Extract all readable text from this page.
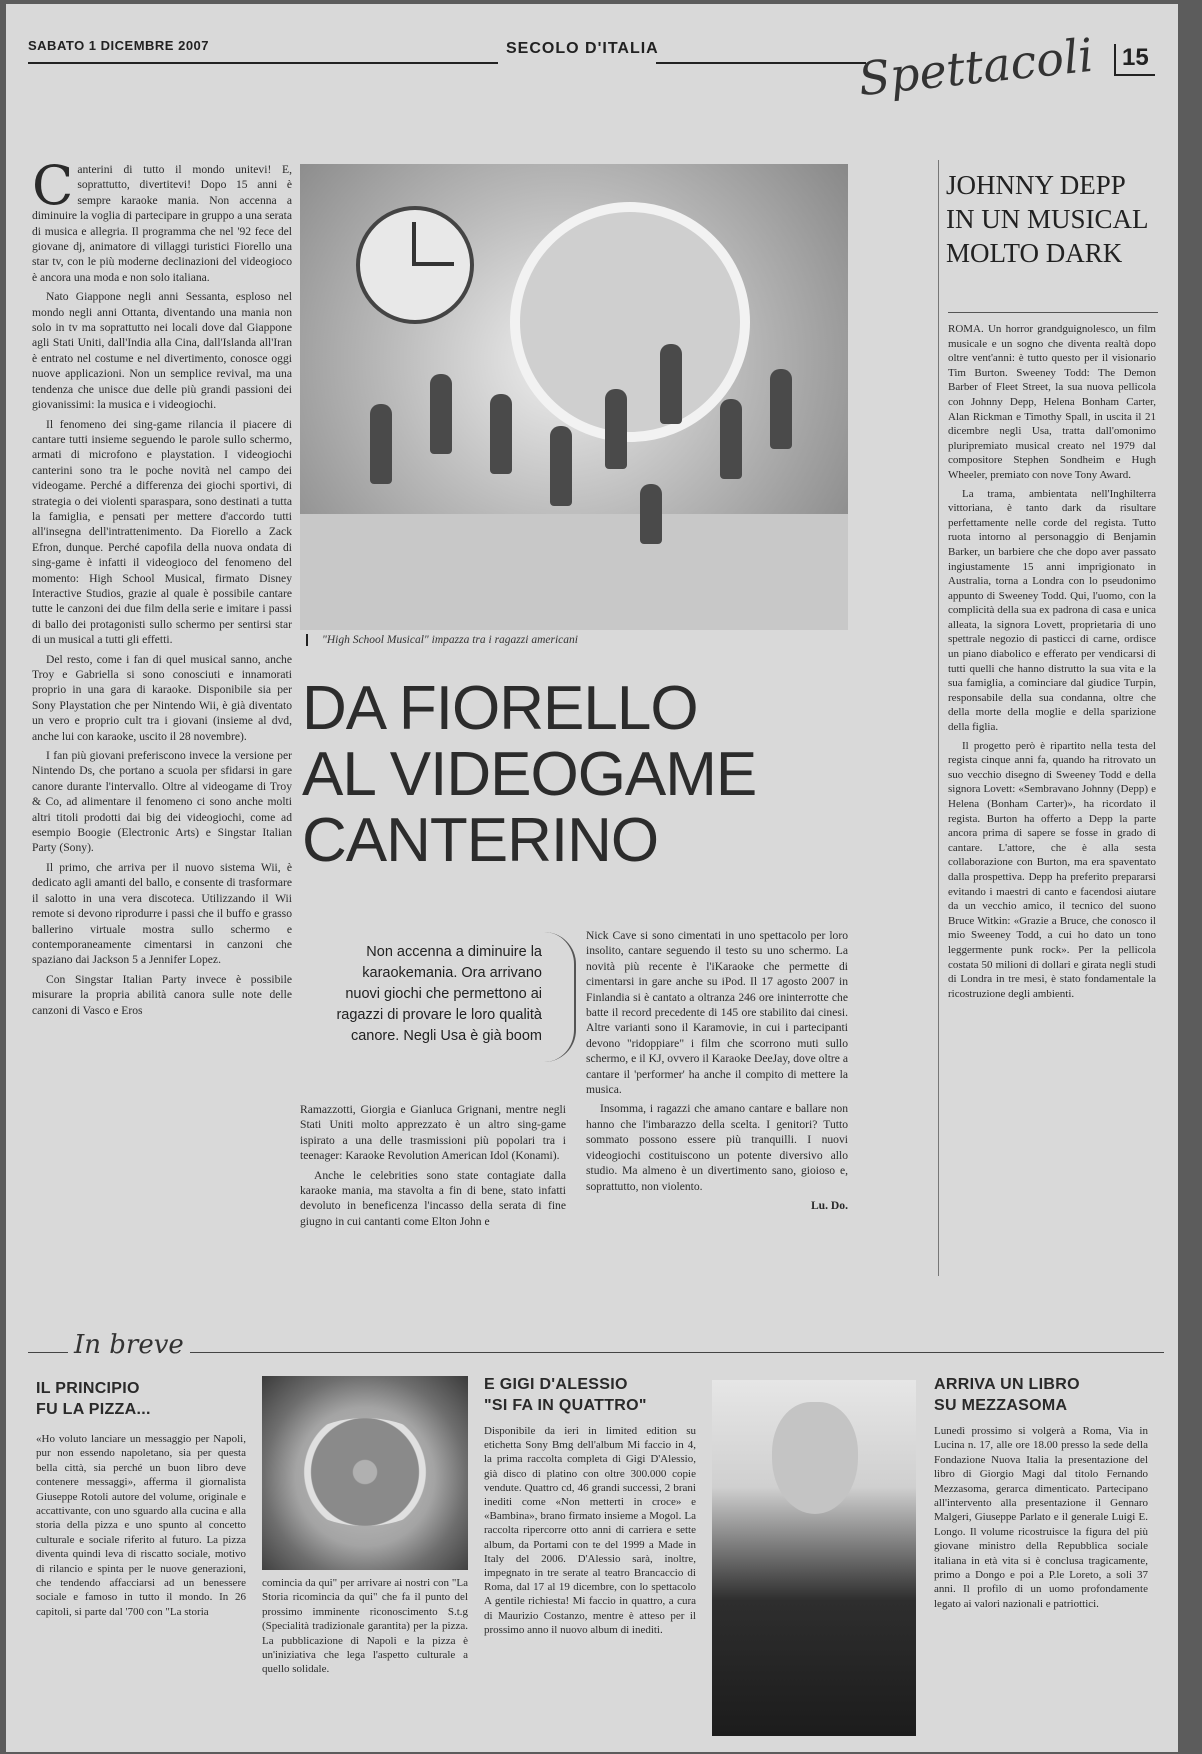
SABATO 1 DICEMBRE 2007	SECOLO D'ITALIA	Spettacoli	15

Canterini di tutto il mondo unitevi! E, soprattutto, divertitevi! Dopo 15 anni è sempre karaoke mania. Non accenna a diminuire la voglia di partecipare in gruppo a una serata di musica e allegria. Il programma che nel '92 fece del giovane dj, animatore di villaggi turistici Fiorello una star tv, con le più moderne declinazioni del videogioco è ancora una moda e non solo italiana.

Nato Giappone negli anni Sessanta, esploso nel mondo negli anni Ottanta, diventando una mania non solo in tv ma soprattutto nei locali dove dal Giappone agli Stati Uniti, dall'India alla Cina, dall'Islanda all'Iran è entrato nel costume e nel divertimento, conosce oggi nuove applicazioni. Non un semplice revival, ma una tendenza che unisce due delle più grandi passioni dei giovanissimi: la musica e i videogiochi.

Il fenomeno dei sing-game rilancia il piacere di cantare tutti insieme seguendo le parole sullo schermo, armati di microfono e playstation. I videogiochi canterini sono tra le poche novità nel campo dei videogame. Perché a differenza dei giochi sportivi, di strategia o dei violenti sparaspara, sono destinati a tutta la famiglia, e pensati per mettere d'accordo tutti all'insegna dell'intrattenimento. Da Fiorello a Zack Efron, dunque. Perché capofila della nuova ondata di sing-game è infatti il videogioco del fenomeno del momento: High School Musical, firmato Disney Interactive Studios, grazie al quale è possibile cantare tutte le canzoni dei due film della serie e imitare i passi di ballo dei protagonisti sullo schermo per sentirsi star di un musical a tutti gli effetti.

Del resto, come i fan di quel musical sanno, anche Troy e Gabriella si sono conosciuti e innamorati proprio in una gara di karaoke. Disponibile sia per Sony Playstation che per Nintendo Wii, è già diventato un vero e proprio cult tra i giovani (insieme al dvd, anche lui con karaoke, uscito il 28 novembre).

I fan più giovani preferiscono invece la versione per Nintendo Ds, che portano a scuola per sfidarsi in gare canore durante l'intervallo. Oltre al videogame di Troy & Co, ad alimentare il fenomeno ci sono anche molti altri titoli prodotti dai big dei videogiochi, come ad esempio Boogie (Electronic Arts) e Singstar Italian Party (Sony).

Il primo, che arriva per il nuovo sistema Wii, è dedicato agli amanti del ballo, e consente di trasformare il salotto in una vera discoteca. Utilizzando il Wii remote si devono riprodurre i passi che il buffo e grasso ballerino virtuale mostra sullo schermo e contemporaneamente cimentarsi in canzoni che spaziano dai Jackson 5 a Jennifer Lopez.

Con Singstar Italian Party invece è possibile misurare la propria abilità canora sulle note delle canzoni di Vasco e Eros

"High School Musical" impazza tra i ragazzi americani
DA FIORELLO
AL VIDEOGAME
CANTERINO
Non accenna a diminuire la karaokemania. Ora arrivano nuovi giochi che permettono ai ragazzi di provare le loro qualità canore. Negli Usa è già boom

Ramazzotti, Giorgia e Gianluca Grignani, mentre negli Stati Uniti molto apprezzato è un altro sing-game ispirato a una delle trasmissioni più popolari tra i teenager: Karaoke Revolution American Idol (Konami).

Anche le celebrities sono state contagiate dalla karaoke mania, ma stavolta a fin di bene, stato infatti devoluto in beneficenza l'incasso della serata di fine giugno in cui cantanti come Elton John e

Nick Cave si sono cimentati in uno spettacolo per loro insolito, cantare seguendo il testo su uno schermo. La novità più recente è l'iKaraoke che permette di cimentarsi in gare anche su iPod. Il 17 agosto 2007 in Finlandia si è cantato a oltranza 246 ore ininterrotte che batte il record precedente di 145 ore stabilito dai cinesi. Altre varianti sono il Karamovie, in cui i partecipanti devono "ridoppiare" i film che scorrono muti sullo schermo, e il KJ, ovvero il Karaoke DeeJay, dove oltre a cantare il 'performer' ha anche il compito di mettere la musica.

Insomma, i ragazzi che amano cantare e ballare non hanno che l'imbarazzo della scelta. I genitori? Tutto sommato possono essere più tranquilli. I nuovi videogiochi costituiscono un potente diversivo allo studio. Ma almeno è un divertimento sano, gioioso e, soprattutto, non violento.

Lu. Do.

JOHNNY DEPP
IN UN MUSICAL
MOLTO DARK

ROMA. Un horror grandguignolesco, un film musicale e un sogno che diventa realtà dopo oltre vent'anni: è tutto questo per il visionario Tim Burton. Sweeney Todd: The Demon Barber of Fleet Street, la sua nuova pellicola con Johnny Depp, Helena Bonham Carter, Alan Rickman e Timothy Spall, in uscita il 21 dicembre negli Usa, tratta dall'omonimo pluripremiato musical creato nel 1979 dal compositore Stephen Sondheim e Hugh Wheeler, premiato con nove Tony Award.

La trama, ambientata nell'Inghilterra vittoriana, è tanto dark da risultare perfettamente nelle corde del regista. Tutto ruota intorno al personaggio di Benjamin Barker, un barbiere che che dopo aver passato ingiustamente 15 anni imprigionato in Australia, torna a Londra con lo pseudonimo appunto di Sweeney Todd. Qui, l'uomo, con la complicità della sua ex padrona di casa e unica alleata, la signora Lovett, proprietaria di uno spettrale negozio di pasticci di carne, ordisce un piano diabolico e efferato per vendicarsi di tutti quelli che hanno distrutto la sua vita e la sua famiglia, a cominciare dal giudice Turpin, responsabile della sua condanna, oltre che della morte della moglie e della sparizione della figlia.

Il progetto però è ripartito nella testa del regista cinque anni fa, quando ha ritrovato un suo vecchio disegno di Sweeney Todd e della signora Lovett: «Sembravano Johnny (Depp) e Helena (Bonham Carter)», ha ricordato il regista. Burton ha offerto a Depp la parte ancora prima di sapere se fosse in grado di cantare. L'attore, che è alla sesta collaborazione con Burton, ma era spaventato dalla prospettiva. Depp ha preferito prepararsi evitando i maestri di canto e facendosi aiutare da un vecchio amico, il tecnico del suono Bruce Witkin: «Grazie a Bruce, che conosco il mio Sweeney Todd, a cui ho dato un tono leggermente punk rock». Per la pellicola costata 50 milioni di dollari e girata negli studi di Londra in tre mesi, è stato fondamentale la ricostruzione degli ambienti.

In breve
IL PRINCIPIO
FU LA PIZZA...

«Ho voluto lanciare un messaggio per Napoli, pur non essendo napoletano, sia per questa bella città, sia perché un buon libro deve contenere messaggi», afferma il giornalista Giuseppe Rotoli autore del volume, originale e accattivante, con uno sguardo alla cucina e alla storia della pizza e uno spunto al concetto culturale e sociale riferito al futuro. La pizza diventa quindi leva di riscatto sociale, motivo di rilancio e spinta per le nuove generazioni, che tendendo affacciarsi ad un benessere sociale e famoso in tutto il mondo. In 26 capitoli, si parte dal '700 con "La storia

comincia da qui" per arrivare ai nostri con "La Storia ricomincia da qui" che fa il punto del prossimo imminente riconoscimento S.t.g (Specialità tradizionale garantita) per la pizza. La pubblicazione di Napoli e la pizza è un'iniziativa che lega l'aspetto culturale a quello solidale.

E GIGI D'ALESSIO
"SI FA IN QUATTRO"

Disponibile da ieri in limited edition su etichetta Sony Bmg dell'album Mi faccio in 4, la prima raccolta completa di Gigi D'Alessio, già disco di platino con oltre 300.000 copie vendute. Quattro cd, 46 grandi successi, 2 brani inediti come «Non metterti in croce» e «Bambina», brano firmato insieme a Mogol. La raccolta ripercorre otto anni di carriera e sette album, da Portami con te del 1999 a Made in Italy del 2006. D'Alessio sarà, inoltre, impegnato in tre serate al teatro Brancaccio di Roma, dal 17 al 19 dicembre, con lo spettacolo A gentile richiesta! Mi faccio in quattro, a cura di Maurizio Costanzo, mentre è atteso per il prossimo anno il nuovo album di inediti.

ARRIVA UN LIBRO
SU MEZZASOMA

Lunedì prossimo si volgerà a Roma, Via in Lucina n. 17, alle ore 18.00 presso la sede della Fondazione Nuova Italia la presentazione del libro di Giorgio Magi dal titolo Fernando Mezzasoma, gerarca dimenticato. Partecipano all'intervento alla presentazione il Gennaro Malgeri, Giuseppe Parlato e il generale Luigi E. Longo. Il volume ricostruisce la figura del più giovane ministro della Repubblica sociale italiana in età vita si è conclusa tragicamente, primo a Dongo e poi a P.le Loreto, a soli 37 anni. Il profilo di un uomo profondamente legato ai valori nazionali e patriottici.
